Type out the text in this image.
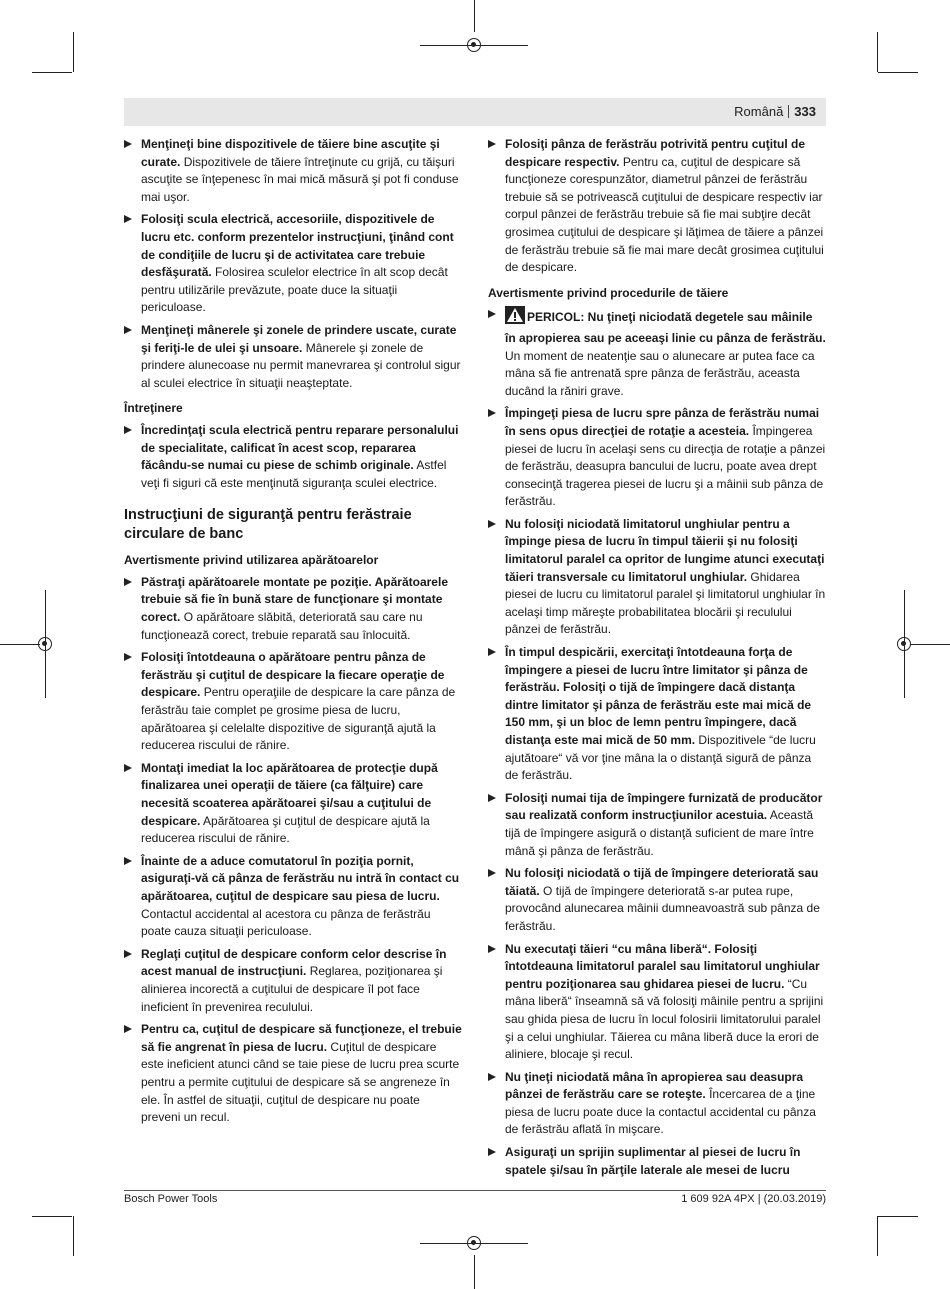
Română 333
Menţineţi bine dispozitivele de tăiere bine ascuţite şi curate. Dispozitivele de tăiere întreţinute cu grijă, cu tăişuri ascuţite se înţepenesc în mai mică măsură şi pot fi conduse mai uşor.
Folosiţi scula electrică, accesoriile, dispozitivele de lucru etc. conform prezentelor instrucţiuni, ţinând cont de condiţiile de lucru şi de activitatea care trebuie desfăşurată. Folosirea sculelor electrice în alt scop decât pentru utilizările prevăzute, poate duce la situaţii periculoase.
Menţineţi mânerele şi zonele de prindere uscate, curate şi feriţi-le de ulei şi unsoare. Mânerele şi zonele de prindere alunecoase nu permit manevrarea şi controlul sigur al sculei electrice în situaţii neaşteptate.
Întreţinere
Încredinţaţi scula electrică pentru reparare personalului de specialitate, calificat în acest scop, repararea făcându-se numai cu piese de schimb originale. Astfel veţi fi siguri că este menţinută siguranţa sculei electrice.
Instrucţiuni de siguranţă pentru ferăstraie circulare de banc
Avertismente privind utilizarea apărătoarelor
Păstraţi apărătoarele montate pe poziţie. Apărătoarele trebuie să fie în bună stare de funcţionare şi montate corect. O apărătoare slăbită, deteriorată sau care nu funcţionează corect, trebuie reparată sau înlocuită.
Folosiţi întotdeauna o apărătoare pentru pânza de ferăstrău şi cuţitul de despicare la fiecare operaţie de despicare. Pentru operaţiile de despicare la care pânza de ferăstrău taie complet pe grosime piesa de lucru, apărătoarea şi celelalte dispozitive de siguranţă ajută la reducerea riscului de rănire.
Montaţi imediat la loc apărătoarea de protecţie după finalizarea unei operaţii de tăiere (ca fălţuire) care necesită scoaterea apărătoarei şi/sau a cuţitului de despicare. Apărătoarea şi cuţitul de despicare ajută la reducerea riscului de rănire.
Înainte de a aduce comutatorul în poziţia pornit, asiguraţi-vă că pânza de ferăstrău nu intră în contact cu apărătoarea, cuţitul de despicare sau piesa de lucru. Contactul accidental al acestora cu pânza de ferăstrău poate cauza situaţii periculoase.
Reglaţi cuţitul de despicare conform celor descrise în acest manual de instrucţiuni. Reglarea, poziţionarea şi alinierea incorectă a cuţitului de despicare îl pot face ineficient în prevenirea reculului.
Pentru ca, cuţitul de despicare să funcţioneze, el trebuie să fie angrenat în piesa de lucru. Cuţitul de despicare este ineficient atunci când se taie piese de lucru prea scurte pentru a permite cuţitului de despicare să se angreneze în ele. În astfel de situaţii, cuţitul de despicare nu poate preveni un recul.
Folosiţi pânza de ferăstrău potrivită pentru cuţitul de despicare respectiv. Pentru ca, cuţitul de despicare să funcţioneze corespunzător, diametrul pânzei de ferăstrău trebuie să se potrivească cuţitului de despicare respectiv iar corpul pânzei de ferăstrău trebuie să fie mai subţire decât grosimea cuţitului de despicare şi lăţimea de tăiere a pânzei de ferăstrău trebuie să fie mai mare decât grosimea cuţitului de despicare.
Avertismente privind procedurile de tăiere
PERICOL: Nu ţineţi niciodată degetele sau mâinile în apropierea sau pe aceeaşi linie cu pânza de ferăstrău. Un moment de neatenţie sau o alunecare ar putea face ca mâna să fie antrenată spre pânza de ferăstrău, aceasta ducând la răniri grave.
Împingeţi piesa de lucru spre pânza de ferăstrău numai în sens opus direcţiei de rotaţie a acesteia. Împingerea piesei de lucru în acelaşi sens cu direcţia de rotaţie a pânzei de ferăstrău, deasupra bancului de lucru, poate avea drept consecinţă tragerea piesei de lucru şi a mâinii sub pânza de ferăstrău.
Nu folosiţi niciodată limitatorul unghiular pentru a împinge piesa de lucru în timpul tăierii şi nu folosiţi limitatorul paralel ca opritor de lungime atunci executaţi tăieri transversale cu limitatorul unghiular. Ghidarea piesei de lucru cu limitatorul paralel şi limitatorul unghiular în acelaşi timp măreşte probabilitatea blocării şi reculului pânzei de ferăstrău.
În timpul despicării, exercitaţi întotdeauna forţa de împingere a piesei de lucru între limitator şi pânza de ferăstrău. Folosiţi o tijă de împingere dacă distanţa dintre limitator şi pânza de ferăstrău este mai mică de 150 mm, şi un bloc de lemn pentru împingere, dacă distanţa este mai mică de 50 mm. Dispozitivele “de lucru ajutătoare“ vă vor ţine mâna la o distanţă sigură de pânza de ferăstrău.
Folosiţi numai tija de împingere furnizată de producător sau realizată conform instrucţiunilor acestuia. Această tijă de împingere asigură o distanţă suficient de mare între mână şi pânza de ferăstrău.
Nu folosiţi niciodată o tijă de împingere deteriorată sau tăiată. O tijă de împingere deteriorată s-ar putea rupe, provocând alunecarea mâinii dumneavoastră sub pânza de ferăstrău.
Nu executaţi tăieri “cu mâna liberă“. Folosiţi întotdeauna limitatorul paralel sau limitatorul unghiular pentru poziţionarea sau ghidarea piesei de lucru. “Cu mâna liberă“ înseamnă să vă folosiţi mâinile pentru a sprijini sau ghida piesa de lucru în locul folosirii limitatorului paralel şi a celui unghiular. Tăierea cu mâna liberă duce la erori de aliniere, blocaje şi recul.
Nu ţineţi niciodată mâna în apropierea sau deasupra pânzei de ferăstrău care se roteşte. Încercarea de a ţine piesa de lucru poate duce la contactul accidental cu pânza de ferăstrău aflată în mişcare.
Asiguraţi un sprijin suplimentar al piesei de lucru în spatele şi/sau în părţile laterale ale mesei de lucru
Bosch Power Tools	1 609 92A 4PX | (20.03.2019)
